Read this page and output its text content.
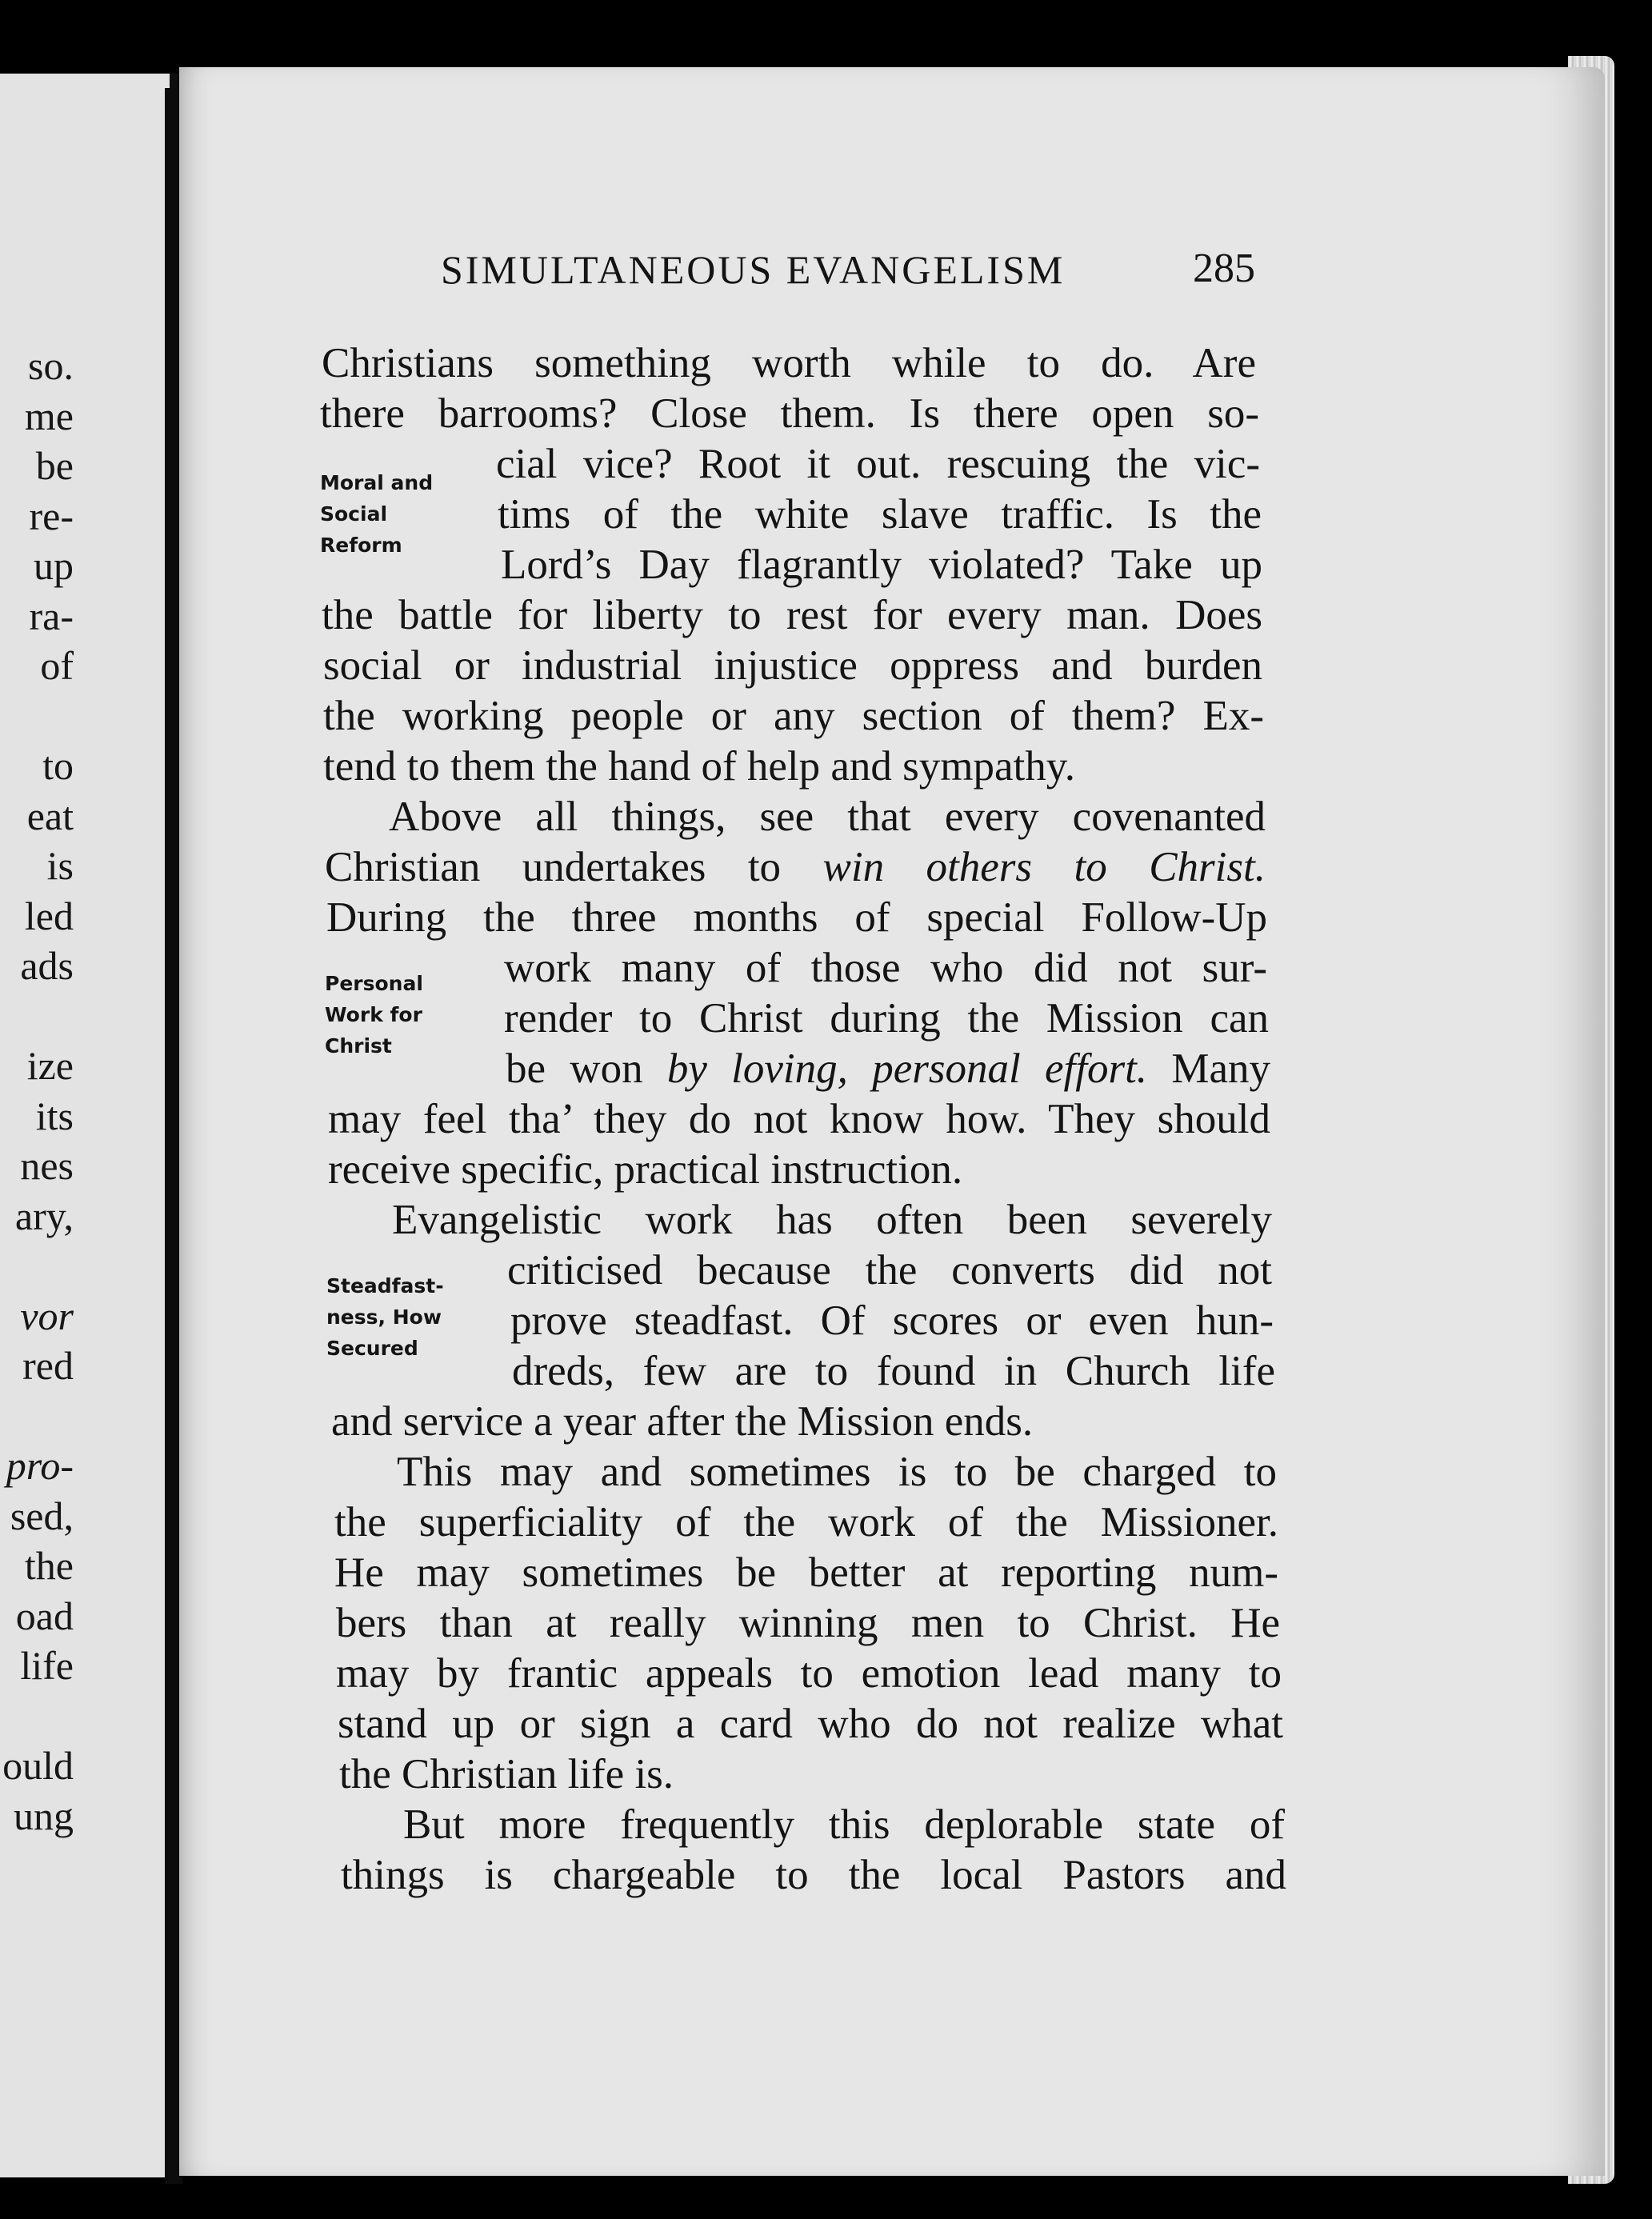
so.
me
be
re-
up
ra-
of
to
eat
is
led
ads
ize
its
nes
ary,
vor
red
pro-
sed,
the
oad
life
ould
ung
SIMULTANEOUS EVANGELISM	285
Moral and
Social
Reform
Personal
Work for
Christ
Steadfast-
ness, How
Secured
Christians something worth while to do. Are
there barrooms? Close them. Is there open so-
cial vice? Root it out. rescuing the vic-
tims of the white slave traffic. Is the
Lord’s Day flagrantly violated? Take up
the battle for liberty to rest for every man. Does
social or industrial injustice oppress and burden
the working people or any section of them? Ex-
tend to them the hand of help and sympathy.
Above all things, see that every covenanted
Christian undertakes to win others to Christ.
During the three months of special Follow-Up
work many of those who did not sur-
render to Christ during the Mission can
be won by loving, personal effort. Many
may feel tha’ they do not know how. They should
receive specific, practical instruction.
Evangelistic work has often been severely
criticised because the converts did not
prove steadfast. Of scores or even hun-
dreds, few are to found in Church life
and service a year after the Mission ends.
This may and sometimes is to be charged to
the superficiality of the work of the Missioner.
He may sometimes be better at reporting num-
bers than at really winning men to Christ. He
may by frantic appeals to emotion lead many to
stand up or sign a card who do not realize what
the Christian life is.
But more frequently this deplorable state of
things is chargeable to the local Pastors and
